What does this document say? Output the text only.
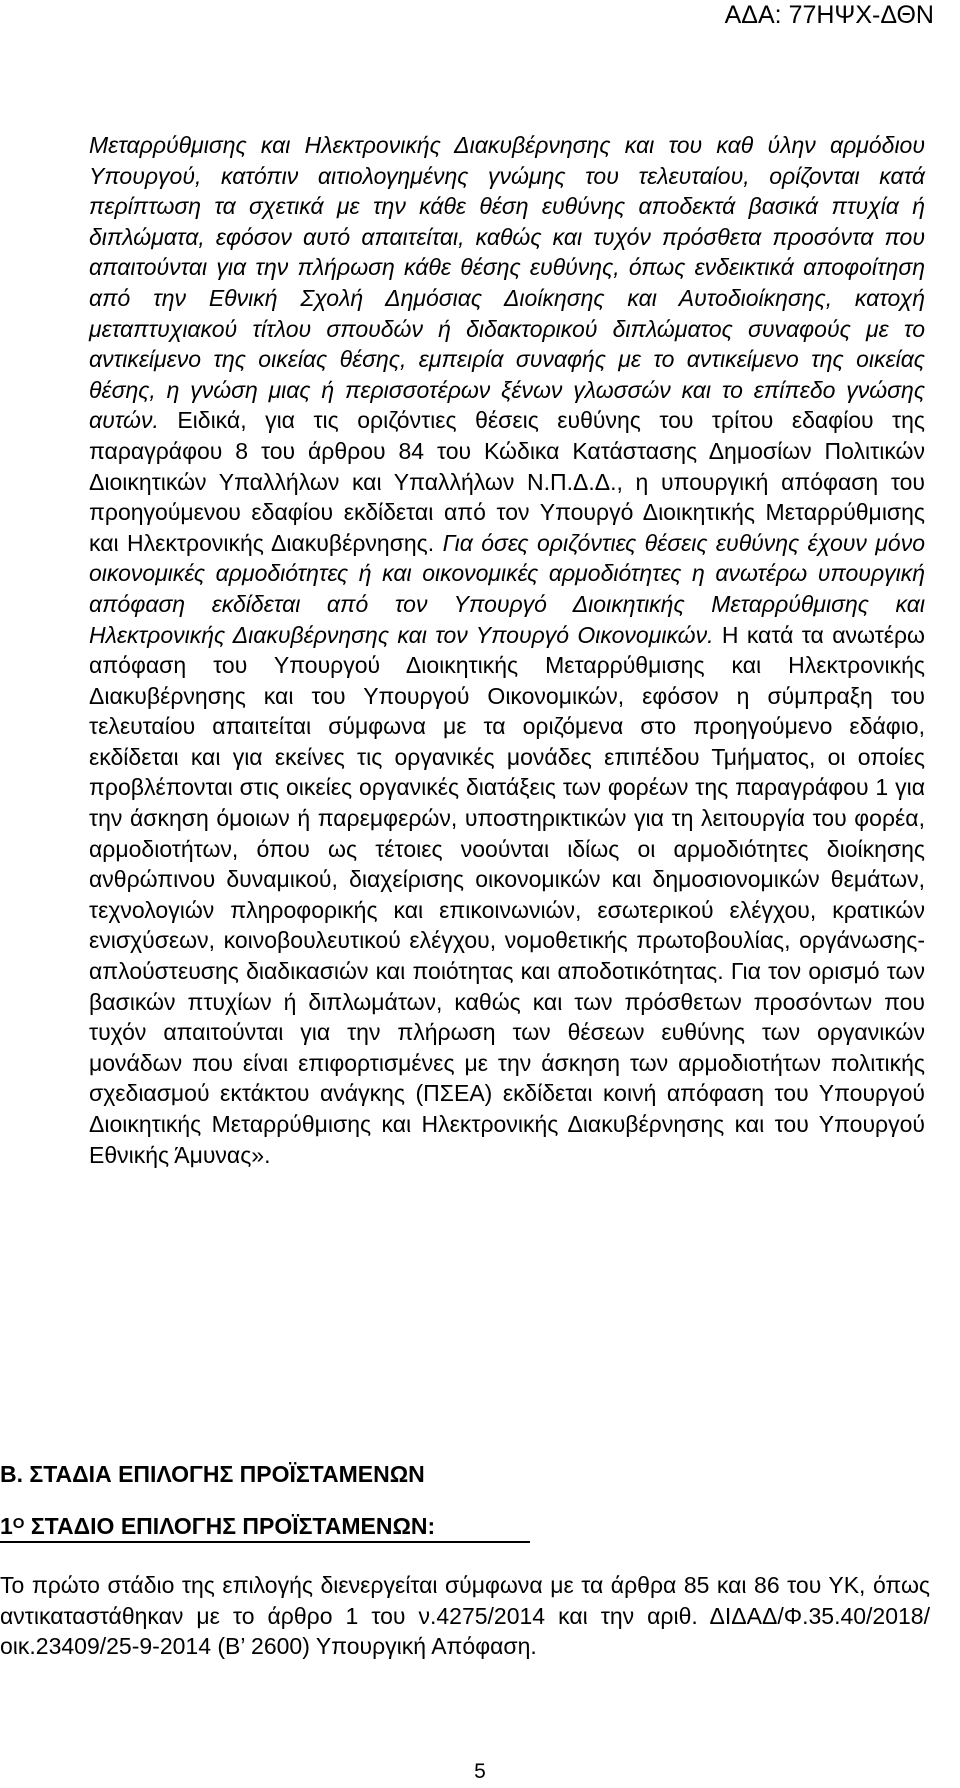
ΑΔΑ: 77ΗΨΧ-ΔΘΝ

Μεταρρύθμισης και Ηλεκτρονικής Διακυβέρνησης και του καθ ύλην αρμόδιου Υπουργού, κατόπιν αιτιολογημένης γνώμης του τελευταίου, ορίζονται κατά περίπτωση τα σχετικά με την κάθε θέση ευθύνης αποδεκτά βασικά πτυχία ή διπλώματα, εφόσον αυτό απαιτείται, καθώς και τυχόν πρόσθετα προσόντα που απαιτούνται για την πλήρωση κάθε θέσης ευθύνης, όπως ενδεικτικά αποφοίτηση από την Εθνική Σχολή Δημόσιας Διοίκησης και Αυτοδιοίκησης, κατοχή μεταπτυχιακού τίτλου σπουδών ή διδακτορικού διπλώματος συναφούς με το αντικείμενο της οικείας θέσης, εμπειρία συναφής με το αντικείμενο της οικείας θέσης, η γνώση μιας ή περισσοτέρων ξένων γλωσσών και το επίπεδο γνώσης αυτών. Ειδικά, για τις οριζόντιες θέσεις ευθύνης του τρίτου εδαφίου της παραγράφου 8 του άρθρου 84 του Κώδικα Κατάστασης Δημοσίων Πολιτικών Διοικητικών Υπαλλήλων και Υπαλλήλων Ν.Π.Δ.Δ., η υπουργική απόφαση του προηγούμενου εδαφίου εκδίδεται από τον Υπουργό Διοικητικής Μεταρρύθμισης και Ηλεκτρονικής Διακυβέρνησης. Για όσες οριζόντιες θέσεις ευθύνης έχουν μόνο οικονομικές αρμοδιότητες ή και οικονομικές αρμοδιότητες η ανωτέρω υπουργική απόφαση εκδίδεται από τον Υπουργό Διοικητικής Μεταρρύθμισης και Ηλεκτρονικής Διακυβέρνησης και τον Υπουργό Οικονομικών. Η κατά τα ανωτέρω απόφαση του Υπουργού Διοικητικής Μεταρρύθμισης και Ηλεκτρονικής Διακυβέρνησης και του Υπουργού Οικονομικών, εφόσον η σύμπραξη του τελευταίου απαιτείται σύμφωνα με τα οριζόμενα στο προηγούμενο εδάφιο, εκδίδεται και για εκείνες τις οργανικές μονάδες επιπέδου Τμήματος, οι οποίες προβλέπονται στις οικείες οργανικές διατάξεις των φορέων της παραγράφου 1 για την άσκηση όμοιων ή παρεμφερών, υποστηρικτικών για τη λειτουργία του φορέα, αρμοδιοτήτων, όπου ως τέτοιες νοούνται ιδίως οι αρμοδιότητες διοίκησης ανθρώπινου δυναμικού, διαχείρισης οικονομικών και δημοσιονομικών θεμάτων, τεχνολογιών πληροφορικής και επικοινωνιών, εσωτερικού ελέγχου, κρατικών ενισχύσεων, κοινοβουλευτικού ελέγχου, νομοθετικής πρωτοβουλίας, οργάνωσης-απλούστευσης διαδικασιών και ποιότητας και αποδοτικότητας. Για τον ορισμό των βασικών πτυχίων ή διπλωμάτων, καθώς και των πρόσθετων προσόντων που τυχόν απαιτούνται για την πλήρωση των θέσεων ευθύνης των οργανικών μονάδων που είναι επιφορτισμένες με την άσκηση των αρμοδιοτήτων πολιτικής σχεδιασμού εκτάκτου ανάγκης (ΠΣΕΑ) εκδίδεται κοινή απόφαση του Υπουργού Διοικητικής Μεταρρύθμισης και Ηλεκτρονικής Διακυβέρνησης και του Υπουργού Εθνικής Άμυνας».

Β. ΣΤΑΔΙΑ ΕΠΙΛΟΓΗΣ ΠΡΟΪΣΤΑΜΕΝΩΝ
$1^O$ ΣΤΑΔΙΟ ΕΠΙΛΟΓΗΣ ΠΡΟΪΣΤΑΜΕΝΩΝ:

Το πρώτο στάδιο της επιλογής διενεργείται σύμφωνα με τα άρθρα 85 και 86 του ΥΚ, όπως αντικαταστάθηκαν με το άρθρο 1 του ν.4275/2014 και την αριθ. ΔΙΔΑΔ/Φ.35.40/2018/οικ.23409/25-9-2014 (Β’ 2600) Υπουργική Απόφαση.

5
